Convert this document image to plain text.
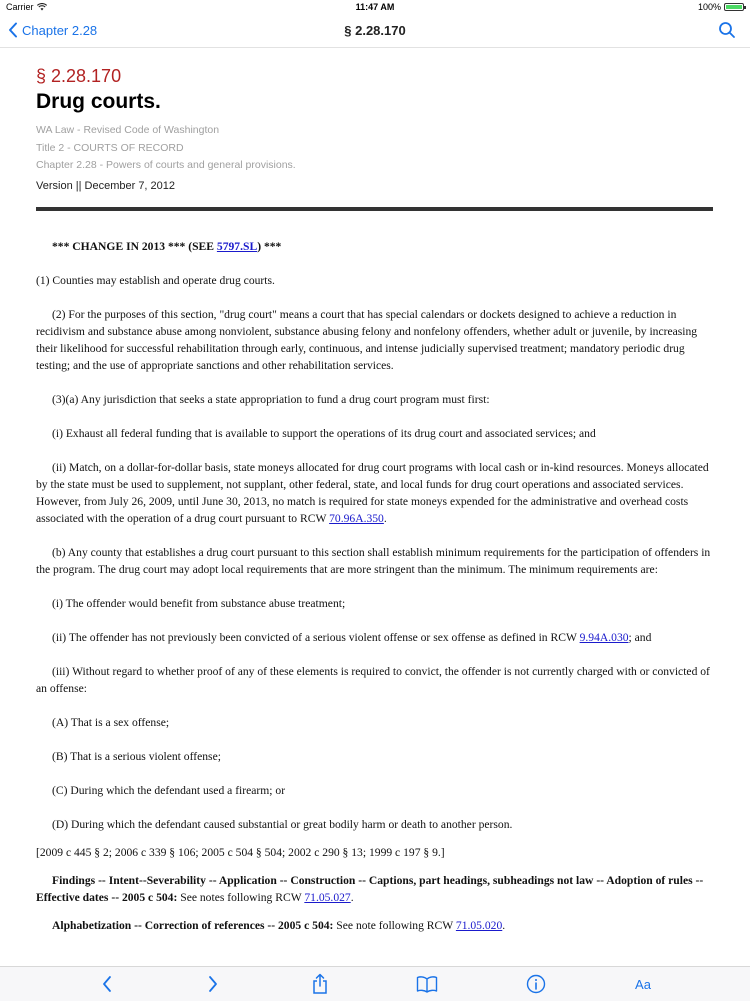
Carrier	11:47 AM	100%
Chapter 2.28	§ 2.28.170
§ 2.28.170
Drug courts.
WA Law - Revised Code of Washington
Title 2 - COURTS OF RECORD
Chapter 2.28 - Powers of courts and general provisions.
Version || December 7, 2012

*** CHANGE IN 2013 *** (SEE 5797.SL) ***

(1) Counties may establish and operate drug courts.

(2) For the purposes of this section, "drug court" means a court that has special calendars or dockets designed to achieve a reduction in recidivism and substance abuse among nonviolent, substance abusing felony and nonfelony offenders, whether adult or juvenile, by increasing their likelihood for successful rehabilitation through early, continuous, and intense judicially supervised treatment; mandatory periodic drug testing; and the use of appropriate sanctions and other rehabilitation services.

(3)(a) Any jurisdiction that seeks a state appropriation to fund a drug court program must first:

(i) Exhaust all federal funding that is available to support the operations of its drug court and associated services; and

(ii) Match, on a dollar-for-dollar basis, state moneys allocated for drug court programs with local cash or in-kind resources. Moneys allocated by the state must be used to supplement, not supplant, other federal, state, and local funds for drug court operations and associated services. However, from July 26, 2009, until June 30, 2013, no match is required for state moneys expended for the administrative and overhead costs associated with the operation of a drug court pursuant to RCW 70.96A.350.

(b) Any county that establishes a drug court pursuant to this section shall establish minimum requirements for the participation of offenders in the program. The drug court may adopt local requirements that are more stringent than the minimum. The minimum requirements are:

(i) The offender would benefit from substance abuse treatment;

(ii) The offender has not previously been convicted of a serious violent offense or sex offense as defined in RCW 9.94A.030; and

(iii) Without regard to whether proof of any of these elements is required to convict, the offender is not currently charged with or convicted of an offense:

(A) That is a sex offense;

(B) That is a serious violent offense;

(C) During which the defendant used a firearm; or

(D) During which the defendant caused substantial or great bodily harm or death to another person.

[2009 c 445 § 2; 2006 c 339 § 106; 2005 c 504 § 504; 2002 c 290 § 13; 1999 c 197 § 9.]

Findings -- Intent--Severability -- Application -- Construction -- Captions, part headings, subheadings not law -- Adoption of rules -- Effective dates -- 2005 c 504: See notes following RCW 71.05.027.

Alphabetization -- Correction of references -- 2005 c 504: See note following RCW 71.05.020.

Aa
